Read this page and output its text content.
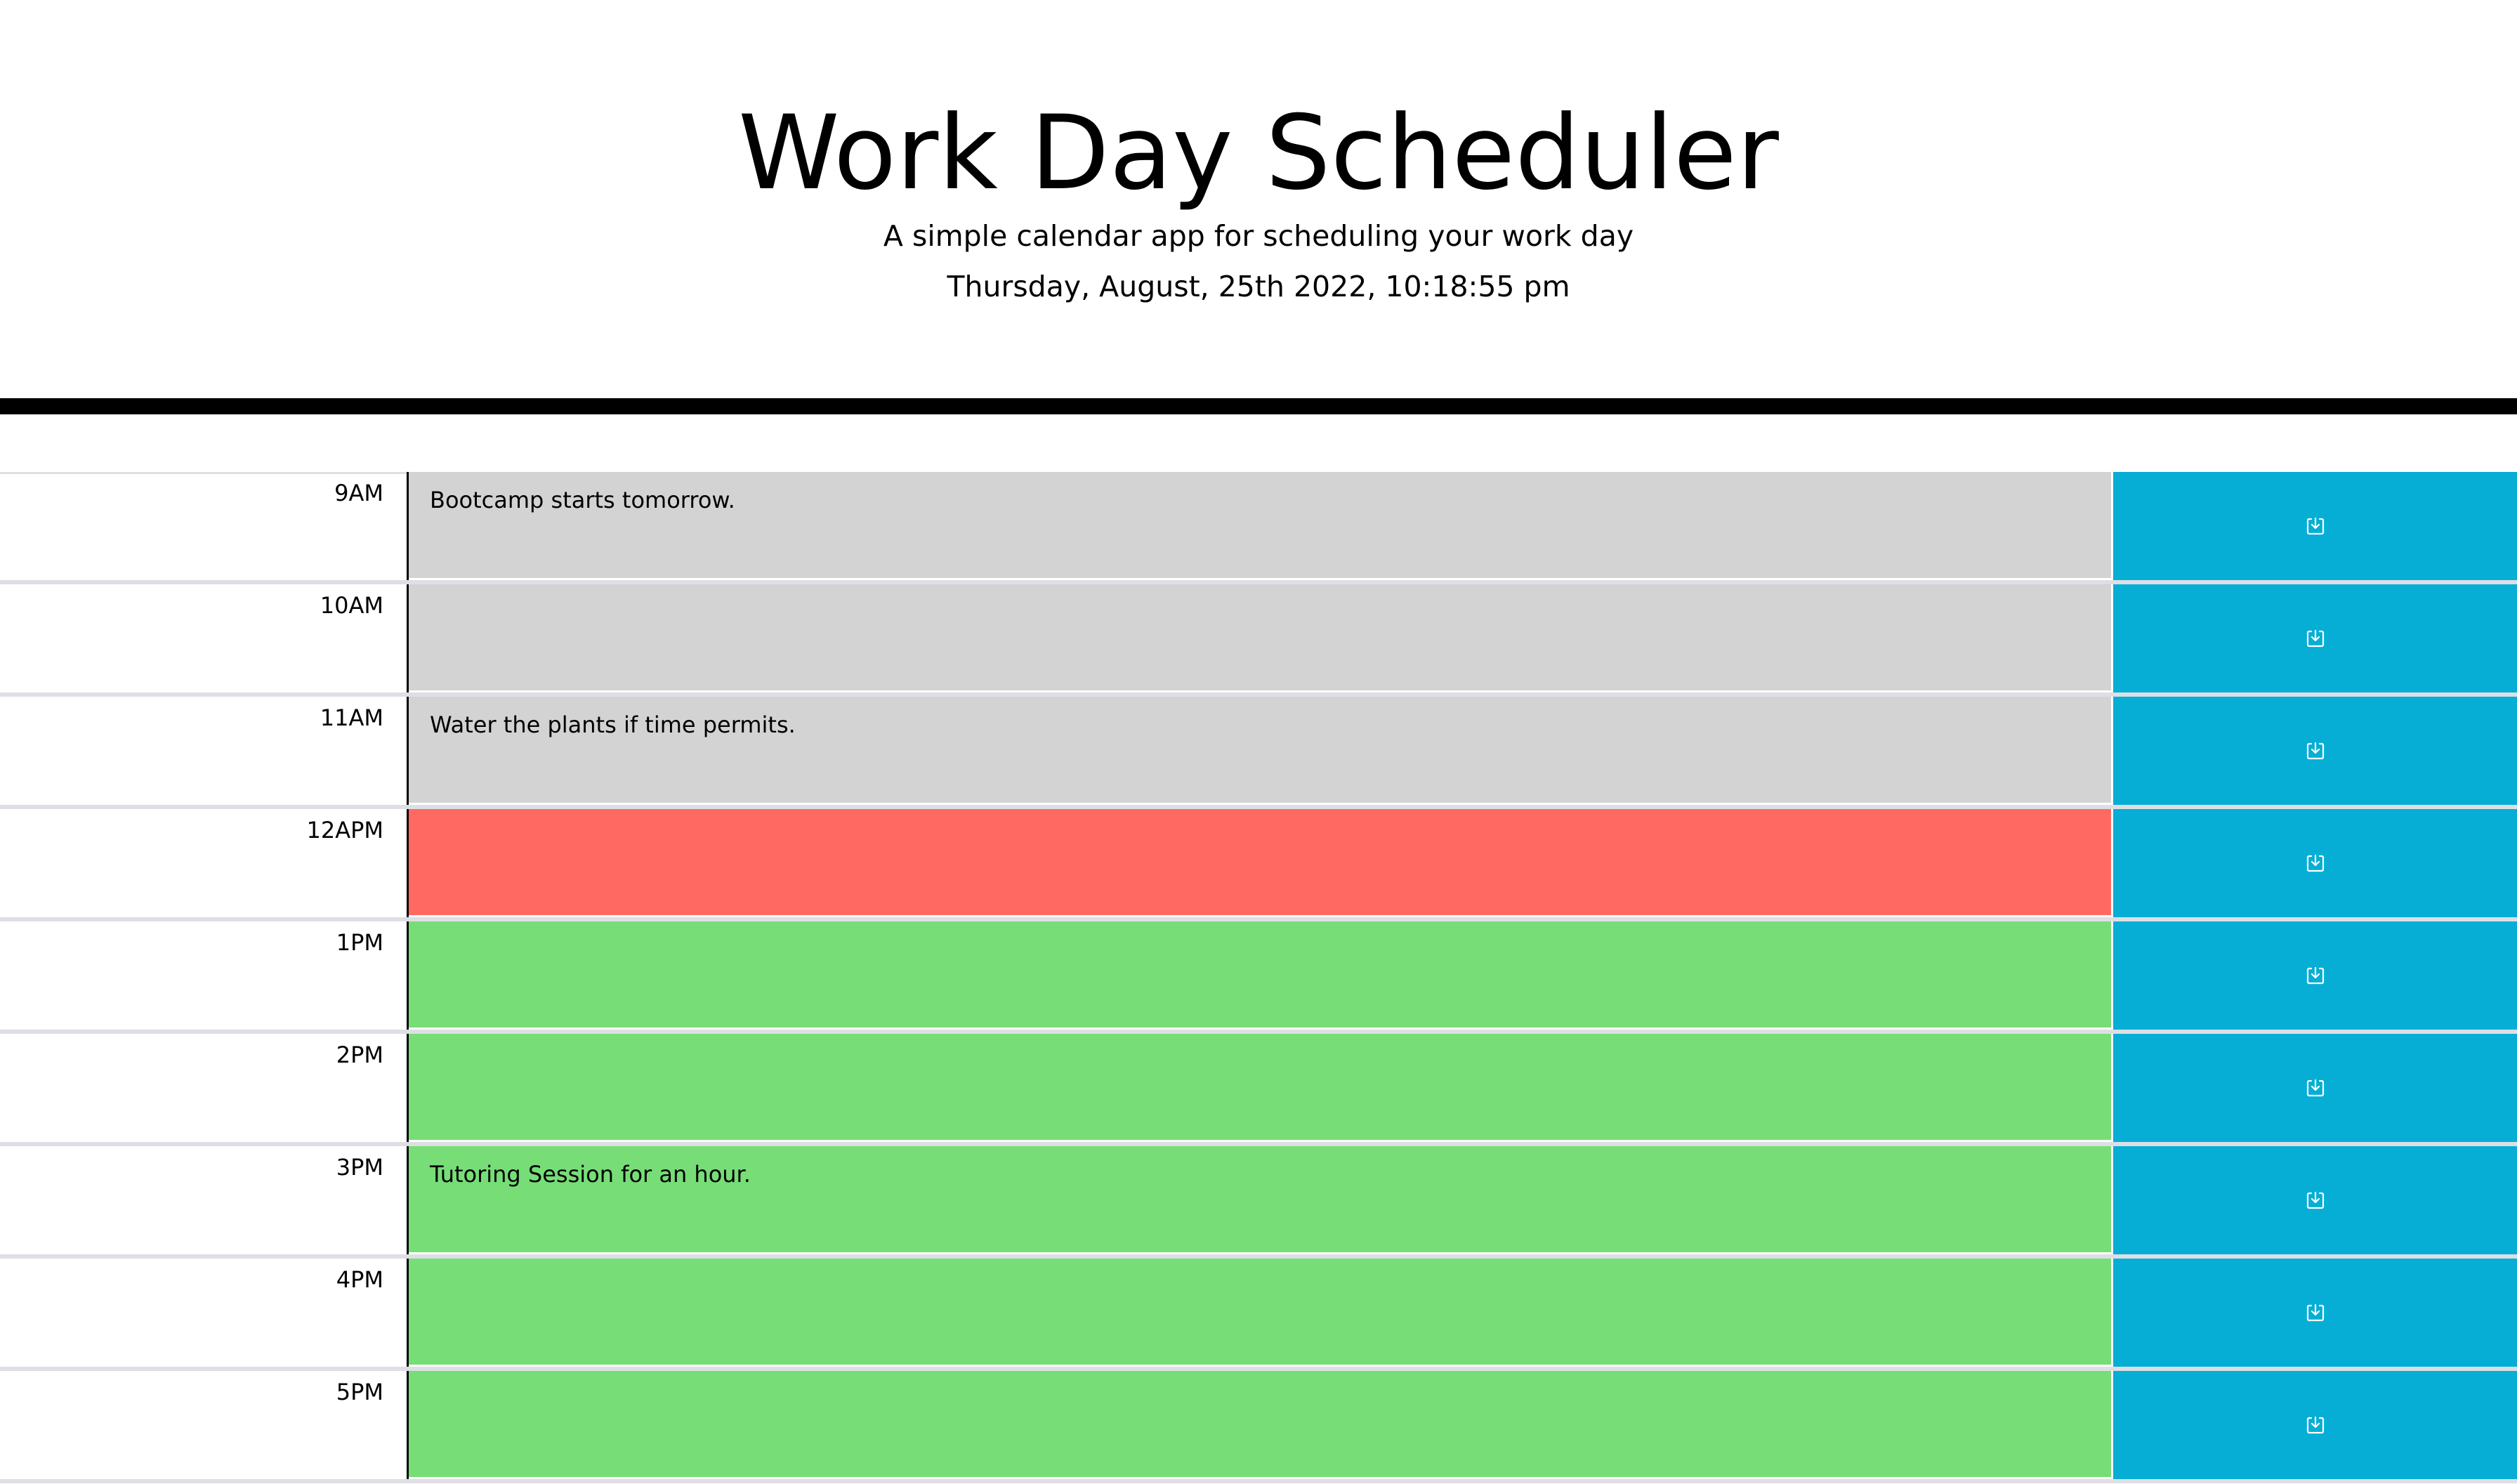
Work Day Scheduler

A simple calendar app for scheduling your work day

Thursday, August, 25th 2022, 10:18:55 pm

9AM
Bootcamp starts tomorrow.
10AM
11AM
Water the plants if time permits.
12APM
1PM
2PM
3PM
Tutoring Session for an hour.
4PM
5PM
